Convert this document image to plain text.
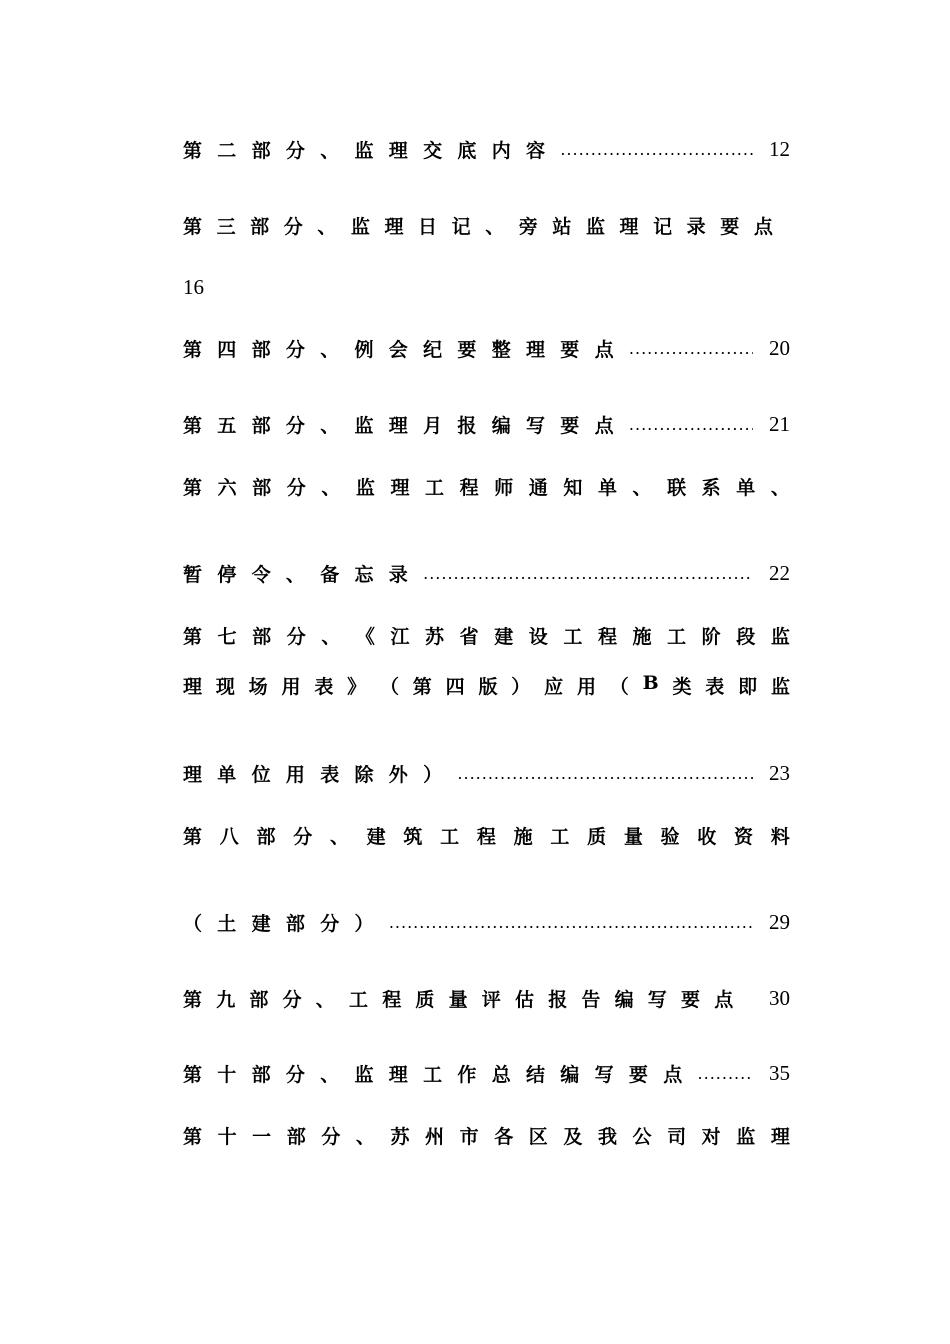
第二部分、监理交底内容 .....	12
第 三 部 分 、 监 理 日 记 、 旁 站 监 理 记 录 要 点
16
第四部分、例会纪要整理要点 .....	20
第五部分、监理月报编写要点 .....	21
第 六 部 分 、 监 理 工 程 师 通 知 单 、 联 系 单 、
暂停令、备忘录 .....	22
第 七 部 分 、 《 江 苏 省 建 设 工 程 施 工 阶 段 监
理 现 场 用 表 》 （ 第 四 版 ） 应 用 （ B 类 表 即 监
理单位用表除外） .....	23
第 八 部 分 、 建 筑 工 程 施 工 质 量 验 收 资 料
（土建部分） .....	29
第九部分、工程质量评估报告编写要点 30
第十部分、监理工作总结编写要点 .....	35
第 十 一 部 分 、 苏 州 市 各 区 及 我 公 司 对 监 理
